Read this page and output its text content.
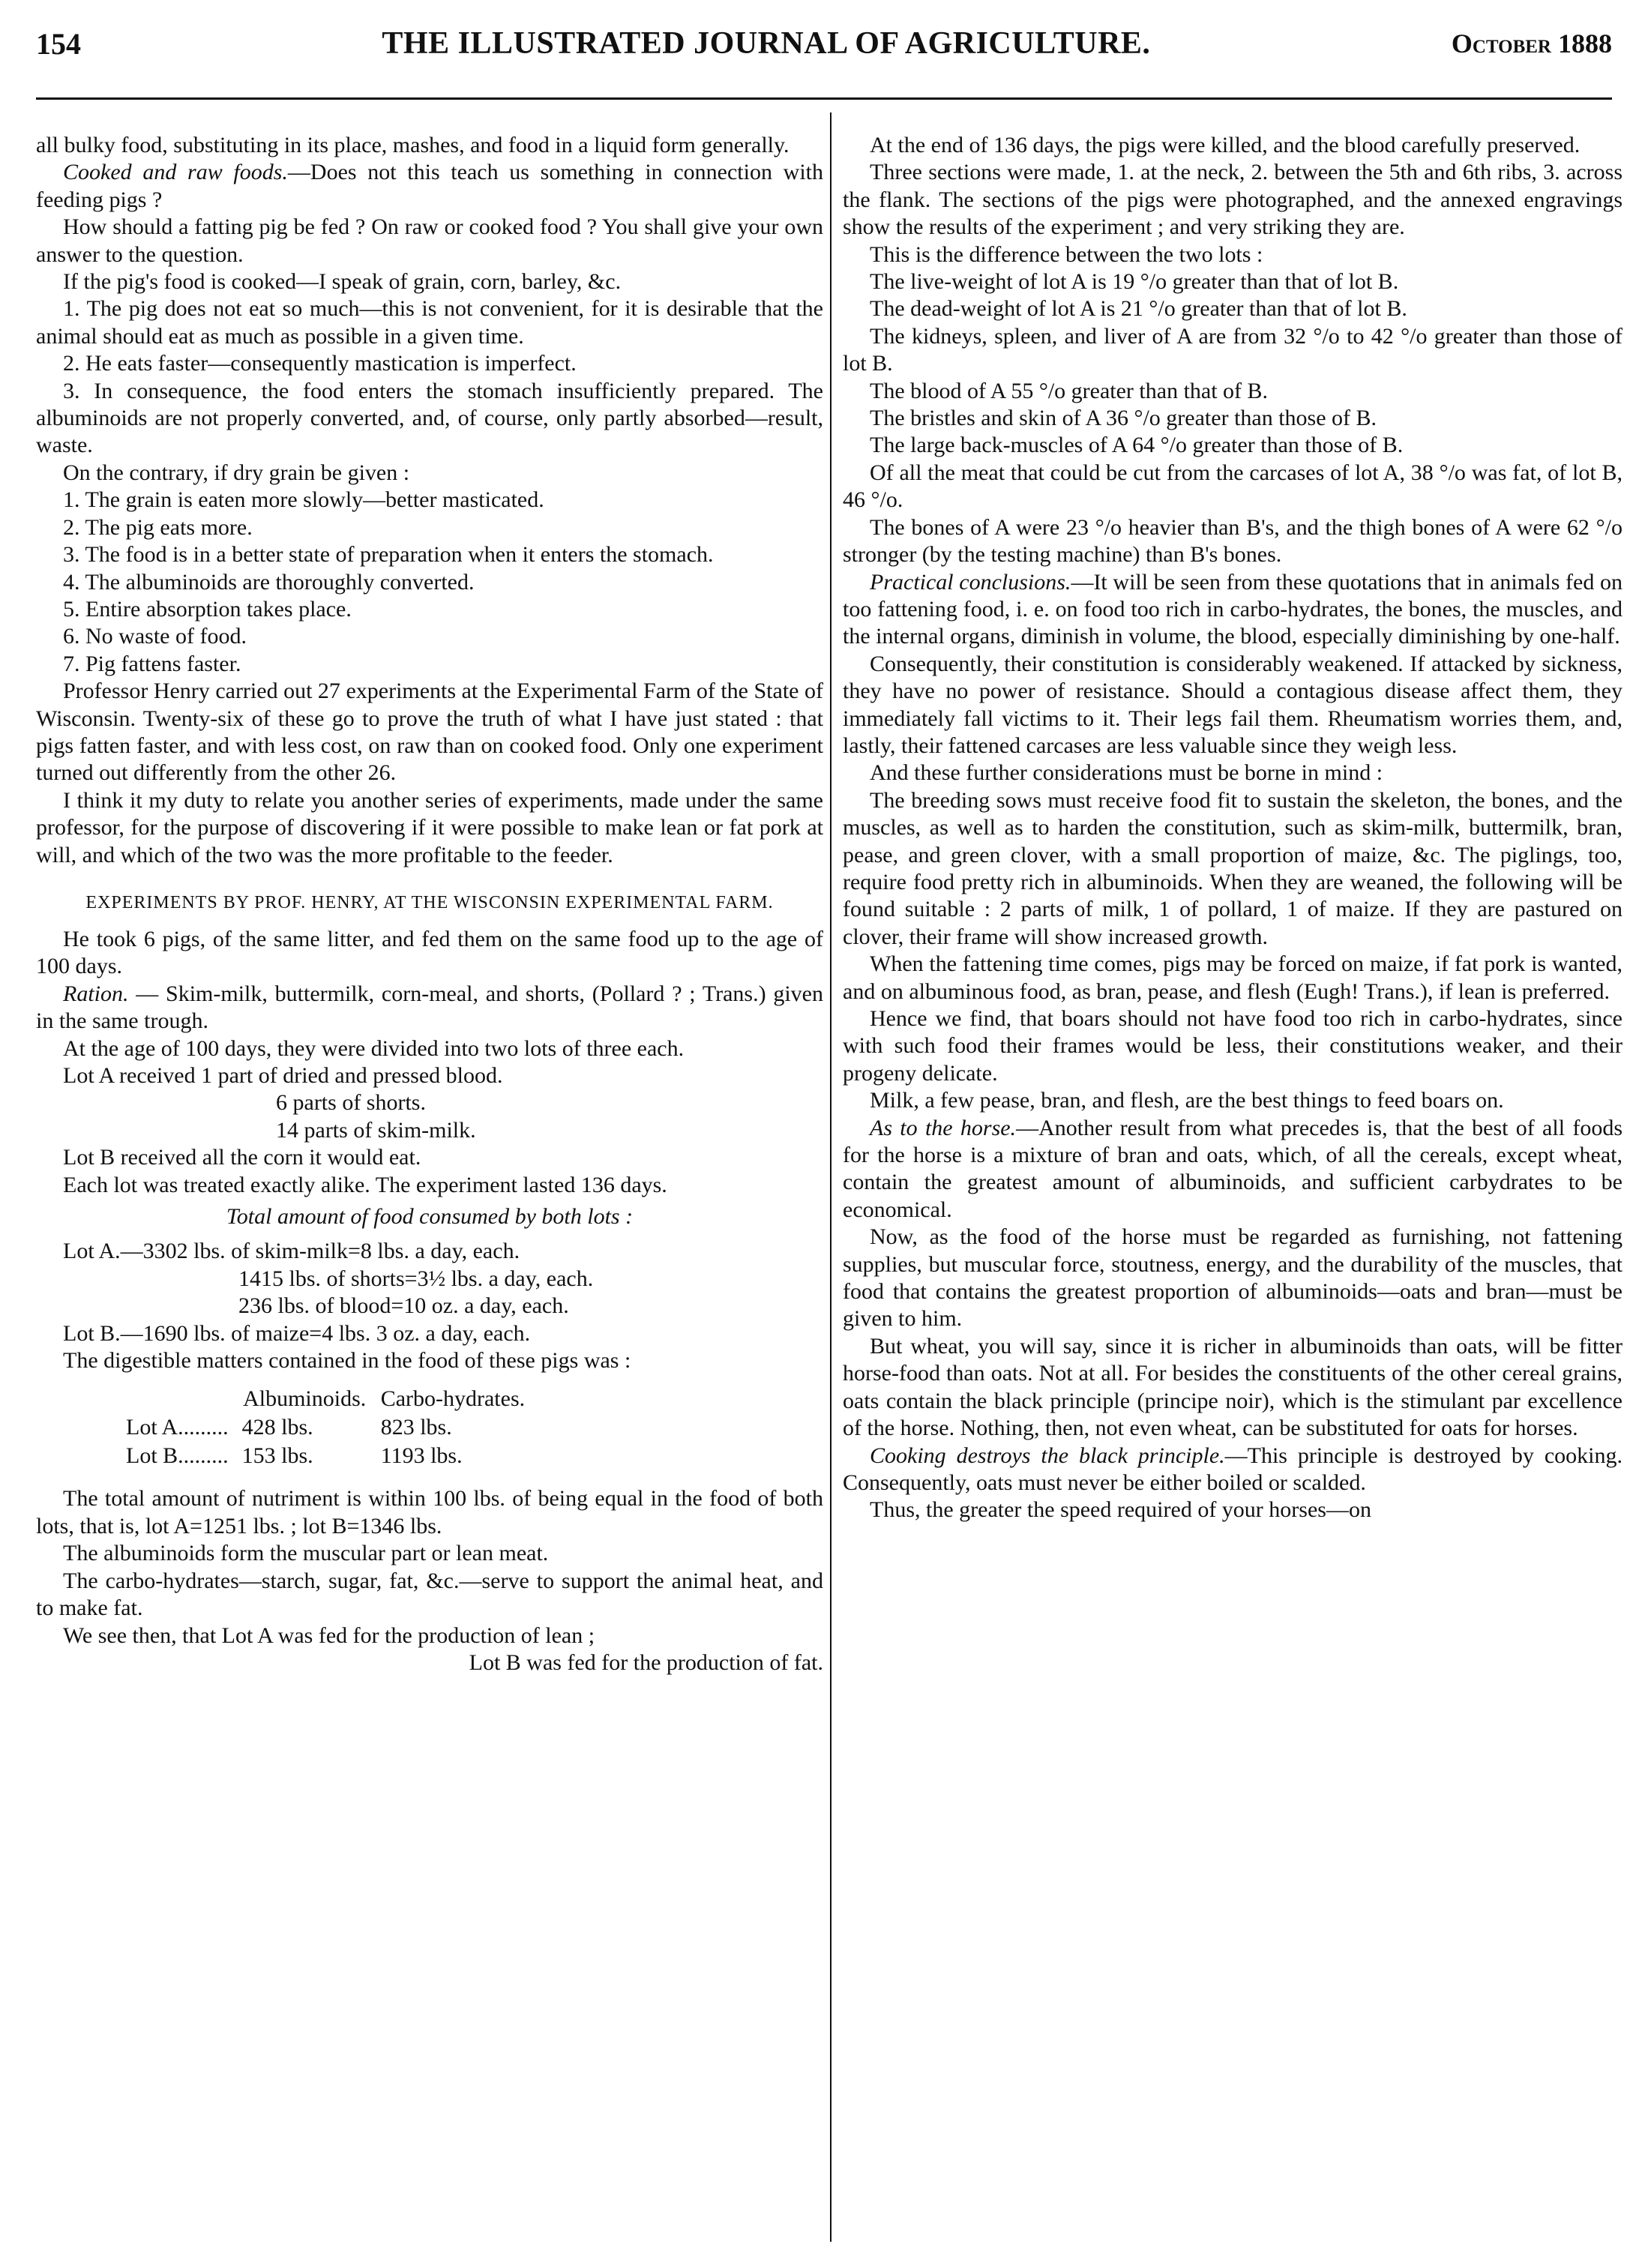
154	THE ILLUSTRATED JOURNAL OF AGRICULTURE.	October 1888

all bulky food, substituting in its place, mashes, and food in a liquid form generally.

Cooked and raw foods.—Does not this teach us something in connection with feeding pigs ?

How should a fatting pig be fed ? On raw or cooked food ? You shall give your own answer to the question.

If the pig's food is cooked—I speak of grain, corn, barley, &c.

1. The pig does not eat so much—this is not convenient, for it is desirable that the animal should eat as much as possible in a given time.

2. He eats faster—consequently mastication is imperfect.

3. In consequence, the food enters the stomach insufficiently prepared. The albuminoids are not properly converted, and, of course, only partly absorbed—result, waste.

On the contrary, if dry grain be given :

1. The grain is eaten more slowly—better masticated.

2. The pig eats more.

3. The food is in a better state of preparation when it enters the stomach.

4. The albuminoids are thoroughly converted.

5. Entire absorption takes place.

6. No waste of food.

7. Pig fattens faster.

Professor Henry carried out 27 experiments at the Experimental Farm of the State of Wisconsin. Twenty-six of these go to prove the truth of what I have just stated : that pigs fatten faster, and with less cost, on raw than on cooked food. Only one experiment turned out differently from the other 26.

I think it my duty to relate you another series of experiments, made under the same professor, for the purpose of discovering if it were possible to make lean or fat pork at will, and which of the two was the more profitable to the feeder.

EXPERIMENTS BY PROF. HENRY, AT THE WISCONSIN EXPERIMENTAL FARM.

He took 6 pigs, of the same litter, and fed them on the same food up to the age of 100 days.

Ration. — Skim-milk, buttermilk, corn-meal, and shorts, (Pollard ? ; Trans.) given in the same trough.

At the age of 100 days, they were divided into two lots of three each.

Lot A received 1 part of dried and pressed blood.

6 parts of shorts.

14 parts of skim-milk.

Lot B received all the corn it would eat.

Each lot was treated exactly alike. The experiment lasted 136 days.

Total amount of food consumed by both lots :

Lot A.—3302 lbs. of skim-milk=8 lbs. a day, each.

1415 lbs. of shorts=3½ lbs. a day, each.

236 lbs. of blood=10 oz. a day, each.

Lot B.—1690 lbs. of maize=4 lbs. 3 oz. a day, each.

The digestible matters contained in the food of these pigs was :

	Albuminoids.	Carbo-hydrates.
Lot A.........	428 lbs.	823 lbs.
Lot B.........	153 lbs.	1193 lbs.

The total amount of nutriment is within 100 lbs. of being equal in the food of both lots, that is, lot A=1251 lbs. ; lot B=1346 lbs.

The albuminoids form the muscular part or lean meat.

The carbo-hydrates—starch, sugar, fat, &c.—serve to support the animal heat, and to make fat.

We see then, that Lot A was fed for the production of lean ;

Lot B was fed for the production of fat.

At the end of 136 days, the pigs were killed, and the blood carefully preserved.

Three sections were made, 1. at the neck, 2. between the 5th and 6th ribs, 3. across the flank. The sections of the pigs were photographed, and the annexed engravings show the results of the experiment ; and very striking they are.

This is the difference between the two lots :

The live-weight of lot A is 19 °/o greater than that of lot B.

The dead-weight of lot A is 21 °/o greater than that of lot B.

The kidneys, spleen, and liver of A are from 32 °/o to 42 °/o greater than those of lot B.

The blood of A 55 °/o greater than that of B.

The bristles and skin of A 36 °/o greater than those of B.

The large back-muscles of A 64 °/o greater than those of B.

Of all the meat that could be cut from the carcases of lot A, 38 °/o was fat, of lot B, 46 °/o.

The bones of A were 23 °/o heavier than B's, and the thigh bones of A were 62 °/o stronger (by the testing machine) than B's bones.

Practical conclusions.—It will be seen from these quotations that in animals fed on too fattening food, i. e. on food too rich in carbo-hydrates, the bones, the muscles, and the internal organs, diminish in volume, the blood, especially diminishing by one-half.

Consequently, their constitution is considerably weakened. If attacked by sickness, they have no power of resistance. Should a contagious disease affect them, they immediately fall victims to it. Their legs fail them. Rheumatism worries them, and, lastly, their fattened carcases are less valuable since they weigh less.

And these further considerations must be borne in mind :

The breeding sows must receive food fit to sustain the skeleton, the bones, and the muscles, as well as to harden the constitution, such as skim-milk, buttermilk, bran, pease, and green clover, with a small proportion of maize, &c. The piglings, too, require food pretty rich in albuminoids. When they are weaned, the following will be found suitable : 2 parts of milk, 1 of pollard, 1 of maize. If they are pastured on clover, their frame will show increased growth.

When the fattening time comes, pigs may be forced on maize, if fat pork is wanted, and on albuminous food, as bran, pease, and flesh (Eugh! Trans.), if lean is preferred.

Hence we find, that boars should not have food too rich in carbo-hydrates, since with such food their frames would be less, their constitutions weaker, and their progeny delicate.

Milk, a few pease, bran, and flesh, are the best things to feed boars on.

As to the horse.—Another result from what precedes is, that the best of all foods for the horse is a mixture of bran and oats, which, of all the cereals, except wheat, contain the greatest amount of albuminoids, and sufficient carbydrates to be economical.

Now, as the food of the horse must be regarded as furnishing, not fattening supplies, but muscular force, stoutness, energy, and the durability of the muscles, that food that contains the greatest proportion of albuminoids—oats and bran—must be given to him.

But wheat, you will say, since it is richer in albuminoids than oats, will be fitter horse-food than oats. Not at all. For besides the constituents of the other cereal grains, oats contain the black principle (principe noir), which is the stimulant par excellence of the horse. Nothing, then, not even wheat, can be substituted for oats for horses.

Cooking destroys the black principle.—This principle is destroyed by cooking. Consequently, oats must never be either boiled or scalded.

Thus, the greater the speed required of your horses—on
